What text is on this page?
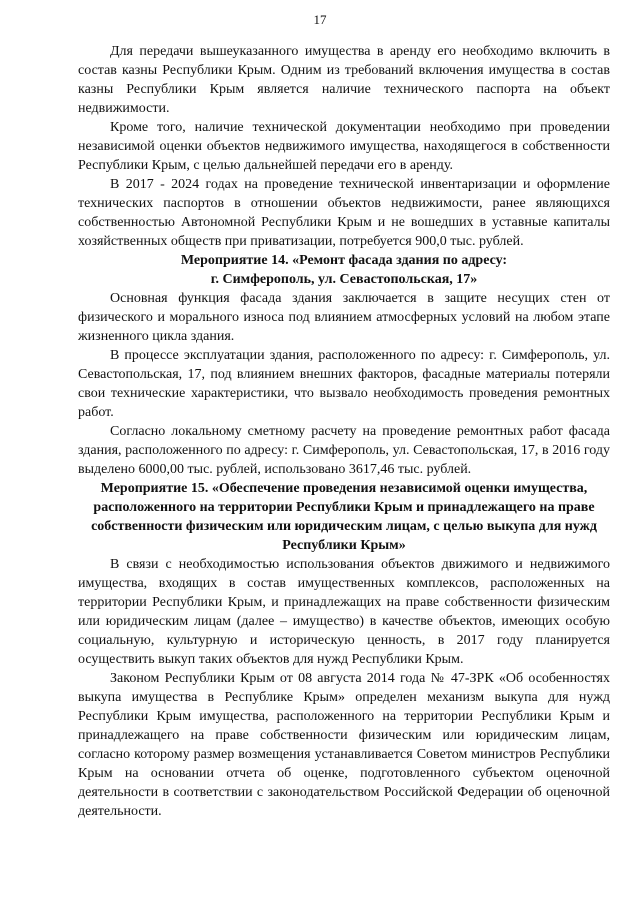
17

Для передачи вышеуказанного имущества в аренду его необходимо включить в состав казны Республики Крым. Одним из требований включения имущества в состав казны Республики Крым является наличие технического паспорта на объект недвижимости.

Кроме того, наличие технической документации необходимо при проведении независимой оценки объектов недвижимого имущества, находящегося в собственности Республики Крым, с целью дальнейшей передачи его в аренду.

В 2017 - 2024 годах на проведение технической инвентаризации и оформление технических паспортов в отношении объектов недвижимости, ранее являющихся собственностью Автономной Республики Крым и не вошедших в уставные капиталы хозяйственных обществ при приватизации, потребуется 900,0 тыс. рублей.

Мероприятие 14. «Ремонт фасада здания по адресу:
г. Симферополь, ул. Севастопольская, 17»

Основная функция фасада здания заключается в защите несущих стен от физического и морального износа под влиянием атмосферных условий на любом этапе жизненного цикла здания.

В процессе эксплуатации здания, расположенного по адресу: г. Симферополь, ул. Севастопольская, 17, под влиянием внешних факторов, фасадные материалы потеряли свои технические характеристики, что вызвало необходимость проведения ремонтных работ.

Согласно локальному сметному расчету на проведение ремонтных работ фасада здания, расположенного по адресу: г. Симферополь, ул. Севастопольская, 17, в 2016 году выделено 6000,00 тыс. рублей, использовано 3617,46 тыс. рублей.

Мероприятие 15. «Обеспечение проведения независимой оценки имущества, расположенного на территории Республики Крым и принадлежащего на праве собственности физическим или юридическим лицам, с целью выкупа для нужд Республики Крым»

В связи с необходимостью использования объектов движимого и недвижимого имущества, входящих в состав имущественных комплексов, расположенных на территории Республики Крым, и принадлежащих на праве собственности физическим или юридическим лицам (далее – имущество) в качестве объектов, имеющих особую социальную, культурную и историческую ценность, в 2017 году планируется осуществить выкуп таких объектов для нужд Республики Крым.

Законом Республики Крым от 08 августа 2014 года № 47-ЗРК «Об особенностях выкупа имущества в Республике Крым» определен механизм выкупа для нужд Республики Крым имущества, расположенного на территории Республики Крым и принадлежащего на праве собственности физическим или юридическим лицам, согласно которому размер возмещения устанавливается Советом министров Республики Крым на основании отчета об оценке, подготовленного субъектом оценочной деятельности в соответствии с законодательством Российской Федерации об оценочной деятельности.
